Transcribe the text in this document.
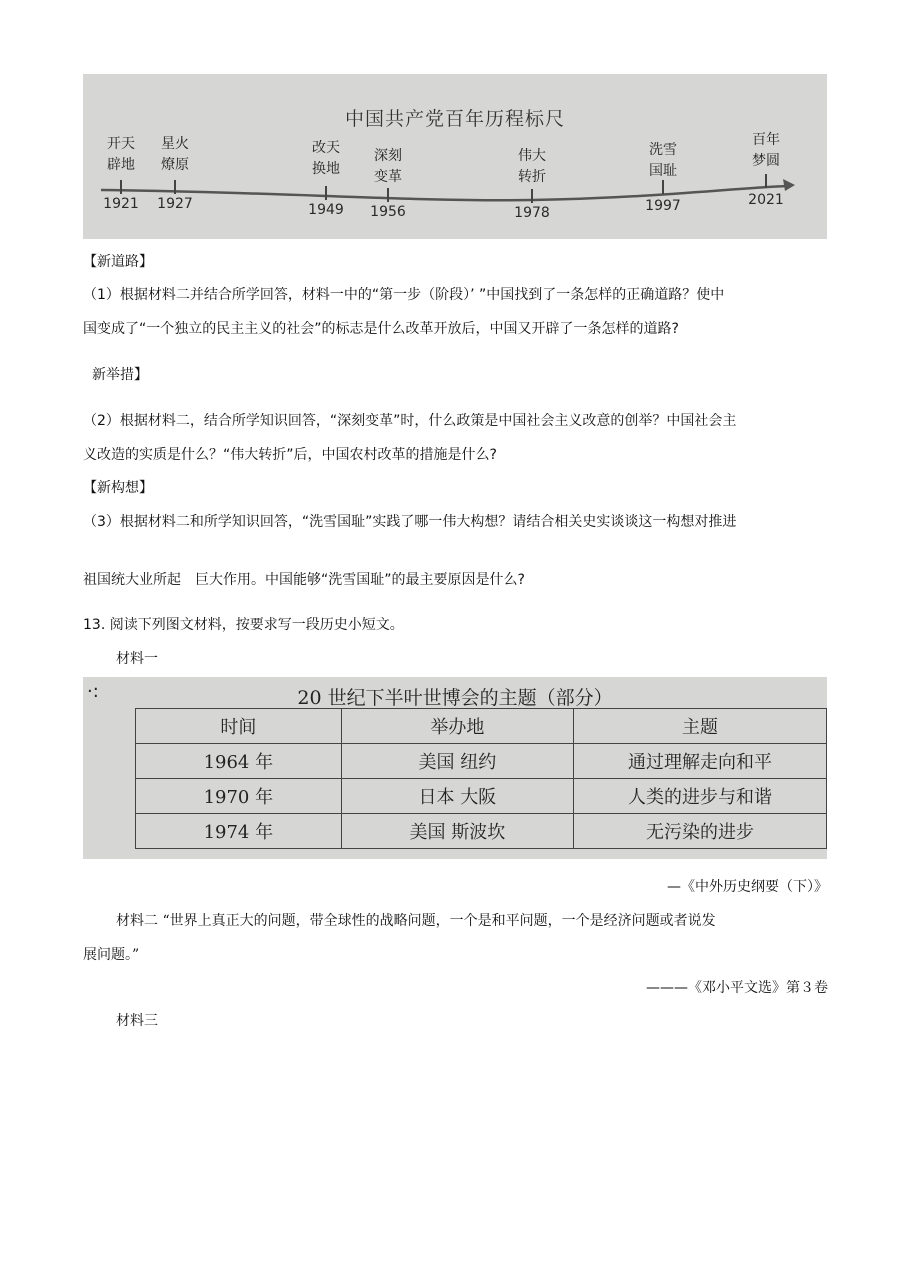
中国共产党百年历程标尺
开天
辟地
1921
星火
燎原
1927
改天
换地
1949
深刻
变革
1956
伟大
转折
1978
洗雪
国耻
1997
百年
梦圆
2021
【新道路】
（1）根据材料二并结合所学回答，材料一中的“第一步（阶段）’ ”中国找到了一条怎样的正确道路？使中
国变成了“一个独立的民主主义的社会”的标志是什么改革开放后，中国又开辟了一条怎样的道路?
新举措】
（2）根据材料二，结合所学知识回答，“深刻变革”时，什么政策是中国社会主义改意的创举？中国社会主
义改造的实质是什么？“伟大转折”后，中国农村改革的措施是什么?
【新构想】
（3）根据材料二和所学知识回答，“洗雪国耻”实践了哪一伟大构想？请结合相关史实谈谈这一构想对推进
祖国统大业所起　巨大作用。中国能够“洗雪国耻”的最主要原因是什么?
13. 阅读下列图文材料，按要求写一段历史小短文。
材料一
·:	20 世纪下半叶世博会的主题（部分）
时间	举办地	主题
1964 年	美国 纽约	通过理解走向和平
1970 年	日本 大阪	人类的进步与和谐
1974 年	美国 斯波坎	无污染的进步
—《中外历史纲要（下）》
材料二 “世界上真正大的问题，带全球性的战略问题，一个是和平问题，一个是经济问题或者说发
展问题。”
———《邓小平文选》第３卷
材料三
